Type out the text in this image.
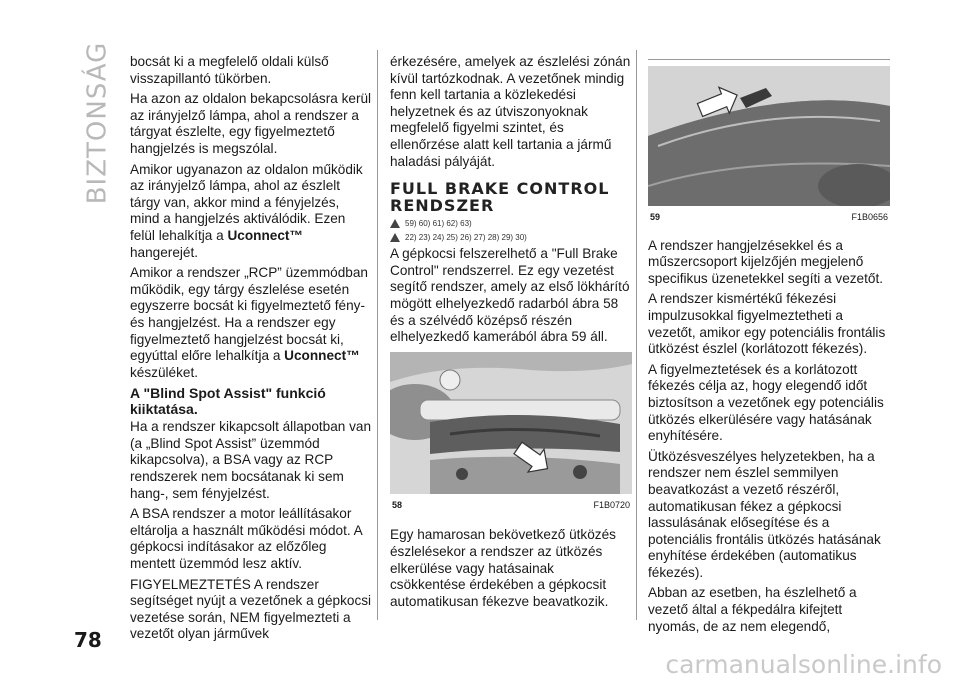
BIZTONSÁG bocsát ki a megfelelő oldali külső visszapillantó tükörben.

Ha azon az oldalon bekapcsolásra kerül az irányjelző lámpa, ahol a rendszer a tárgyat észlelte, egy figyelmeztető hangjelzés is megszólal.

Amikor ugyanazon az oldalon működik az irányjelző lámpa, ahol az észlelt tárgy van, akkor mind a fényjelzés, mind a hangjelzés aktiválódik. Ezen felül lehalkítja a Uconnect™ hangerejét.

Amikor a rendszer „RCP” üzemmódban működik, egy tárgy észlelése esetén egyszerre bocsát ki figyelmeztető fény- és hangjelzést. Ha a rendszer egy figyelmeztető hangjelzést bocsát ki, egyúttal előre lehalkítja a Uconnect™ készüléket.

A "Blind Spot Assist" funkció kiiktatása.

Ha a rendszer kikapcsolt állapotban van (a „Blind Spot Assist” üzemmód kikapcsolva), a BSA vagy az RCP rendszerek nem bocsátanak ki sem hang-, sem fényjelzést.

A BSA rendszer a motor leállításakor eltárolja a használt működési módot. A gépkocsi indításakor az előzőleg mentett üzemmód lesz aktív.

FIGYELMEZTETÉS A rendszer segítséget nyújt a vezetőnek a gépkocsi vezetése során, NEM figyelmezteti a vezetőt olyan járművek

érkezésére, amelyek az észlelési zónán kívül tartózkodnak. A vezetőnek mindig fenn kell tartania a közlekedési helyzetnek és az útviszonyoknak megfelelő figyelmi szintet, és ellenőrzése alatt kell tartania a jármű haladási pályáját.

FULL BRAKE CONTROL RENDSZER
59) 60) 61) 62) 63)
22) 23) 24) 25) 26) 27) 28) 29) 30)

A gépkocsi felszerelhető a "Full Brake Control" rendszerrel. Ez egy vezetést segítő rendszer, amely az első lökhárító mögött elhelyezkedő radarból ábra 58 és a szélvédő középső részén elhelyezkedő kamerából ábra 59 áll.

58	F1B0720

Egy hamarosan bekövetkező ütközés észlelésekor a rendszer az ütközés elkerülése vagy hatásainak csökkentése érdekében a gépkocsit automatikusan fékezve beavatkozik.

59	F1B0656

A rendszer hangjelzésekkel és a műszercsoport kijelzőjén megjelenő specifikus üzenetekkel segíti a vezetőt.

A rendszer kismértékű fékezési impulzusokkal figyelmeztetheti a vezetőt, amikor egy potenciális frontális ütközést észlel (korlátozott fékezés).

A figyelmeztetések és a korlátozott fékezés célja az, hogy elegendő időt biztosítson a vezetőnek egy potenciális ütközés elkerülésére vagy hatásának enyhítésére.

Ütközésveszélyes helyzetekben, ha a rendszer nem észlel semmilyen beavatkozást a vezető részéről, automatikusan fékez a gépkocsi lassulásának elősegítése és a potenciális frontális ütközés hatásának enyhítése érdekében (automatikus fékezés).

Abban az esetben, ha észlelhető a vezető által a fékpedálra kifejtett nyomás, de az nem elegendő,

78
carmanualsonline.info
